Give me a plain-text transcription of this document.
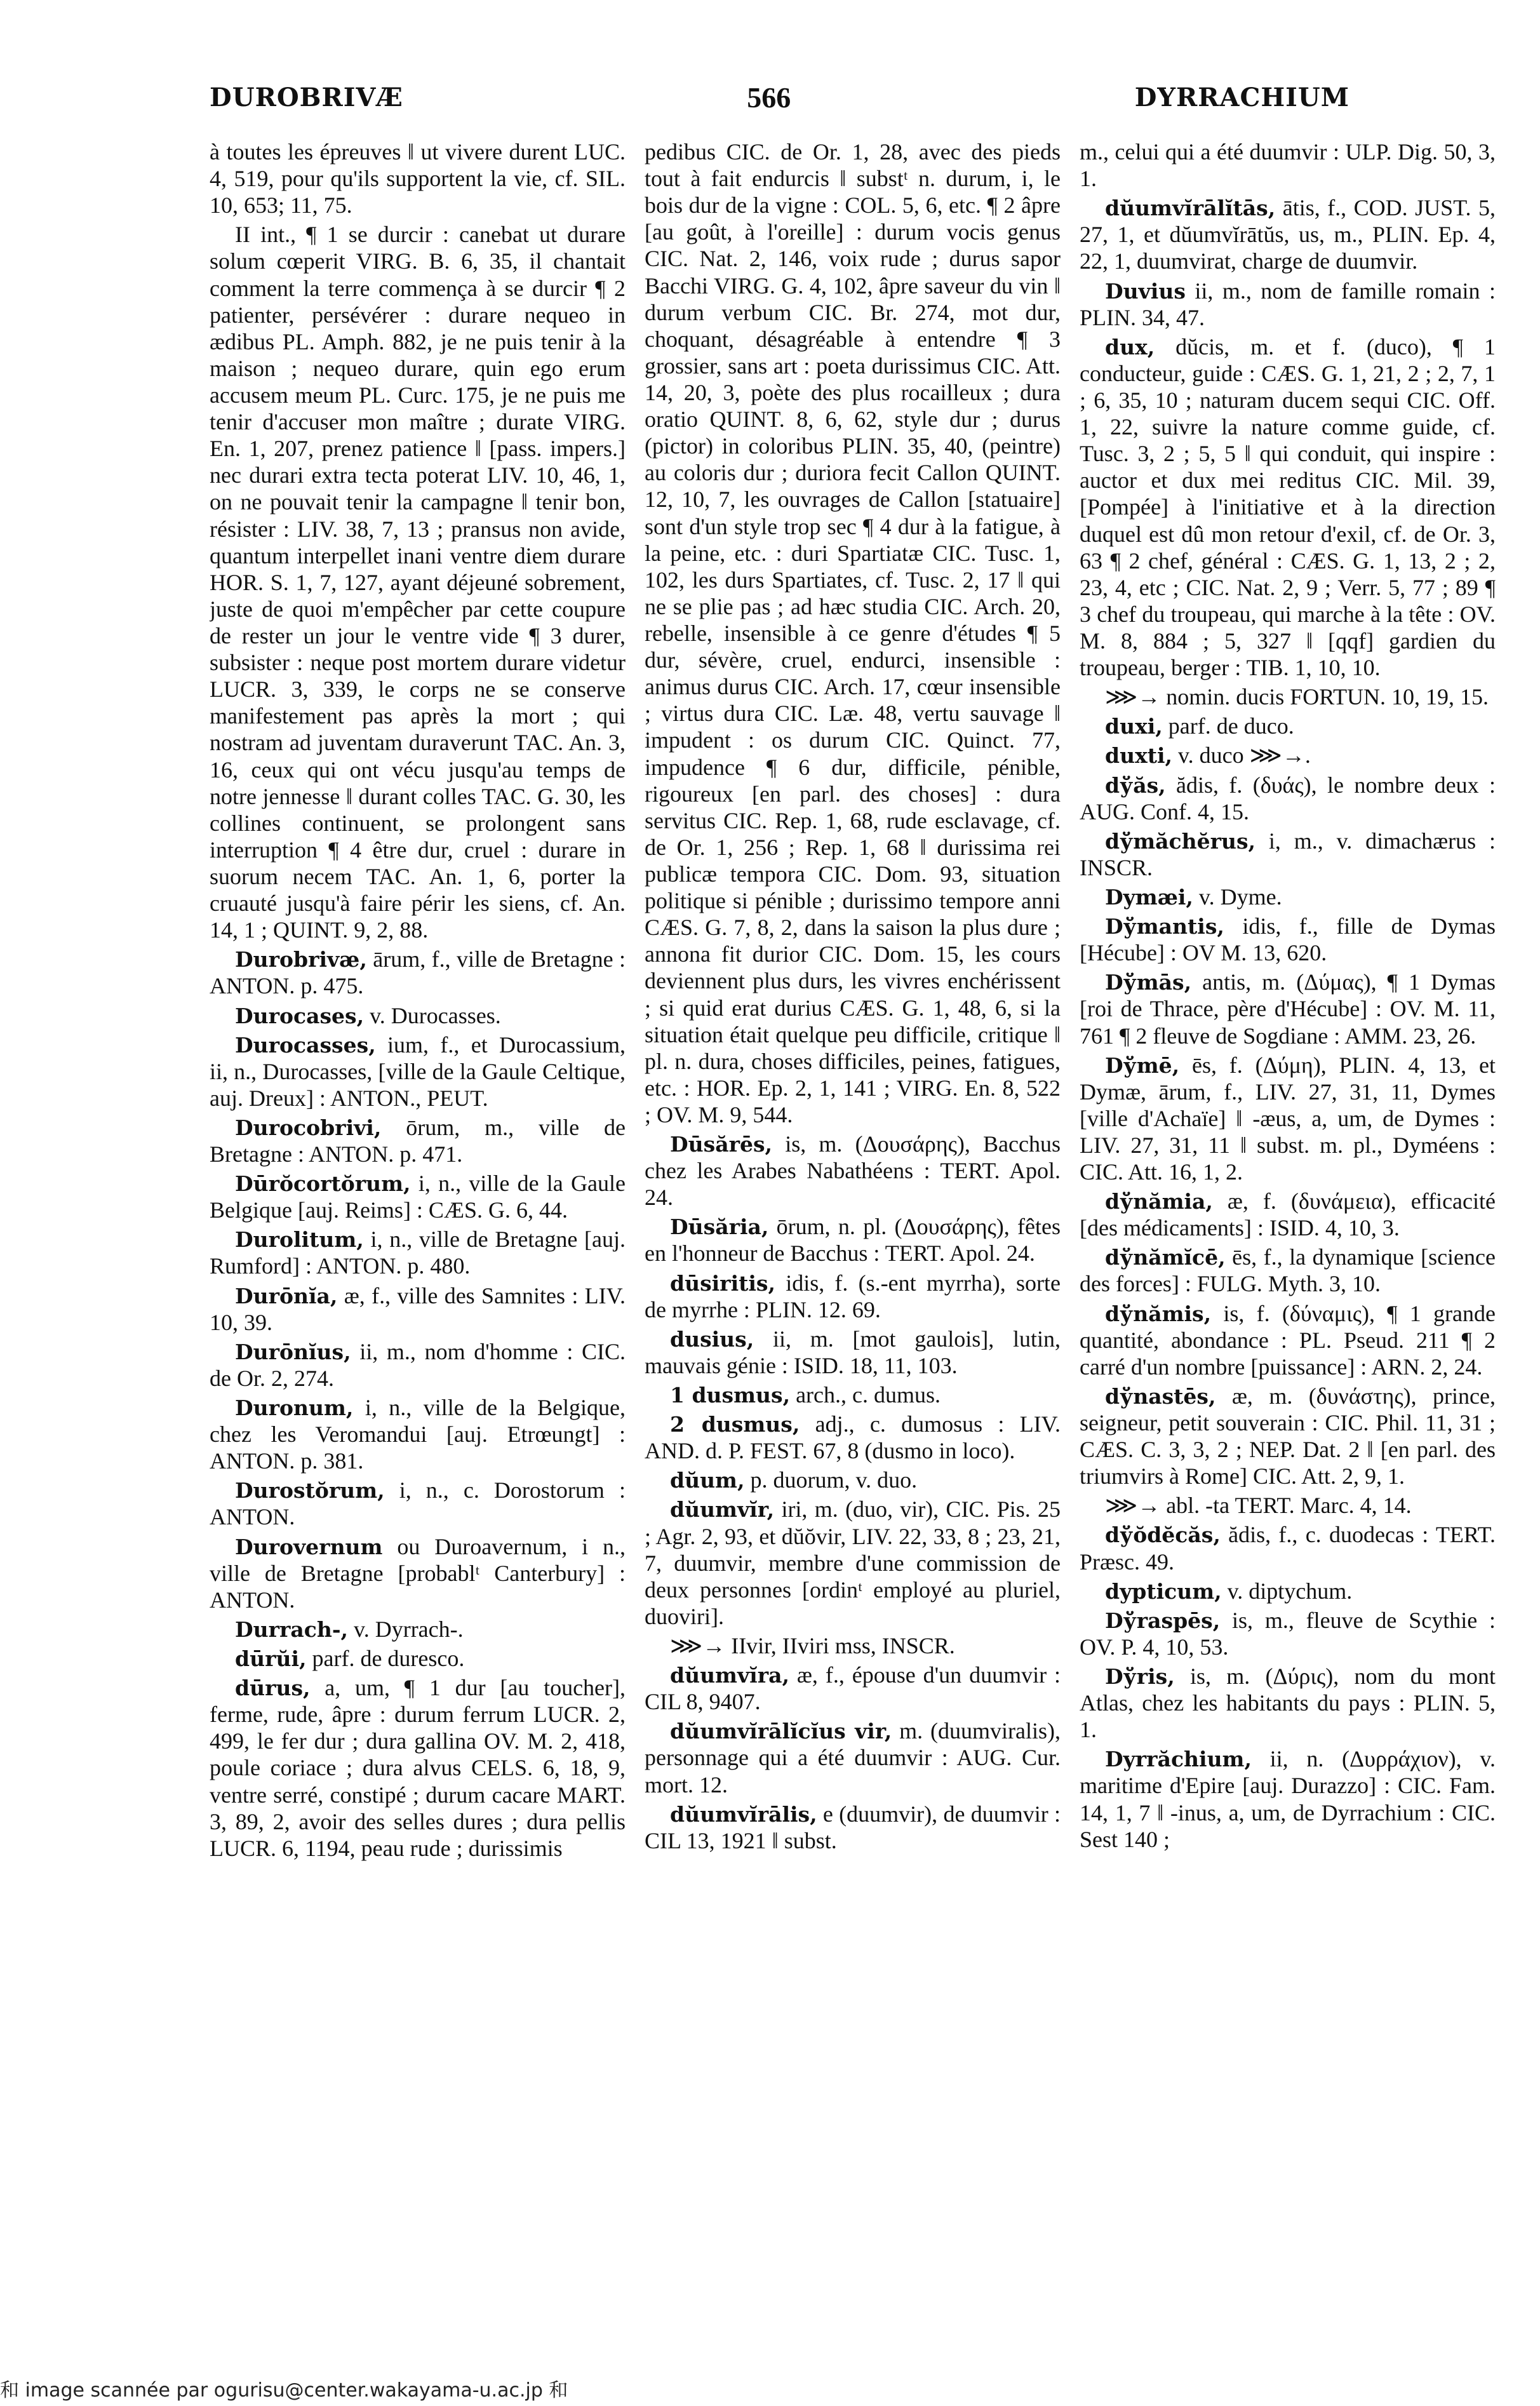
DUROBRIVÆ	566	DYRRACHIUM

à toutes les épreuves ‖ ut vivere durent LUC. 4, 519, pour qu'ils supportent la vie, cf. SIL. 10, 653; 11, 75.

II int., ¶ 1 se durcir : canebat ut durare solum cœperit VIRG. B. 6, 35, il chantait comment la terre commença à se durcir ¶ 2 patienter, persévérer : durare nequeo in ædibus PL. Amph. 882, je ne puis tenir à la maison ; nequeo durare, quin ego erum accusem meum PL. Curc. 175, je ne puis me tenir d'accuser mon maître ; durate VIRG. En. 1, 207, prenez patience ‖ [pass. impers.] nec durari extra tecta poterat LIV. 10, 46, 1, on ne pouvait tenir la campagne ‖ tenir bon, résister : LIV. 38, 7, 13 ; pransus non avide, quantum interpellet inani ventre diem durare HOR. S. 1, 7, 127, ayant déjeuné sobrement, juste de quoi m'empêcher par cette coupure de rester un jour le ventre vide ¶ 3 durer, subsister : neque post mortem durare videtur LUCR. 3, 339, le corps ne se conserve manifestement pas après la mort ; qui nostram ad juventam duraverunt TAC. An. 3, 16, ceux qui ont vécu jusqu'au temps de notre jennesse ‖ durant colles TAC. G. 30, les collines continuent, se prolongent sans interruption ¶ 4 être dur, cruel : durare in suorum necem TAC. An. 1, 6, porter la cruauté jusqu'à faire périr les siens, cf. An. 14, 1 ; QUINT. 9, 2, 88.

Durobrivæ, ārum, f., ville de Bretagne : ANTON. p. 475.

Durocases, v. Durocasses.

Durocasses, ium, f., et Durocassium, ii, n., Durocasses, [ville de la Gaule Celtique, auj. Dreux] : ANTON., PEUT.

Durocobrivi, ōrum, m., ville de Bretagne : ANTON. p. 471.

Dūrŏcortŏrum, i, n., ville de la Gaule Belgique [auj. Reims] : CÆS. G. 6, 44.

Durolitum, i, n., ville de Bretagne [auj. Rumford] : ANTON. p. 480.

Durōnĭa, æ, f., ville des Samnites : LIV. 10, 39.

Durōnĭus, ii, m., nom d'homme : CIC. de Or. 2, 274.

Duronum, i, n., ville de la Belgique, chez les Veromandui [auj. Etrœungt] : ANTON. p. 381.

Durostŏrum, i, n., c. Dorostorum : ANTON.

Durovernum ou Duroavernum, i n., ville de Bretagne [probablᵗ Canterbury] : ANTON.

Durrach-, v. Dyrrach-.

dūrŭi, parf. de duresco.

dūrus, a, um, ¶ 1 dur [au toucher], ferme, rude, âpre : durum ferrum LUCR. 2, 499, le fer dur ; dura gallina OV. M. 2, 418, poule coriace ; dura alvus CELS. 6, 18, 9, ventre serré, constipé ; durum cacare MART. 3, 89, 2, avoir des selles dures ; dura pellis LUCR. 6, 1194, peau rude ; durissimis

pedibus CIC. de Or. 1, 28, avec des pieds tout à fait endurcis ‖ substᵗ n. durum, i, le bois dur de la vigne : COL. 5, 6, etc. ¶ 2 âpre [au goût, à l'oreille] : durum vocis genus CIC. Nat. 2, 146, voix rude ; durus sapor Bacchi VIRG. G. 4, 102, âpre saveur du vin ‖ durum verbum CIC. Br. 274, mot dur, choquant, désagréable à entendre ¶ 3 grossier, sans art : poeta durissimus CIC. Att. 14, 20, 3, poète des plus rocailleux ; dura oratio QUINT. 8, 6, 62, style dur ; durus (pictor) in coloribus PLIN. 35, 40, (peintre) au coloris dur ; duriora fecit Callon QUINT. 12, 10, 7, les ouvrages de Callon [statuaire] sont d'un style trop sec ¶ 4 dur à la fatigue, à la peine, etc. : duri Spartiatæ CIC. Tusc. 1, 102, les durs Spartiates, cf. Tusc. 2, 17 ‖ qui ne se plie pas ; ad hæc studia CIC. Arch. 20, rebelle, insensible à ce genre d'études ¶ 5 dur, sévère, cruel, endurci, insensible : animus durus CIC. Arch. 17, cœur insensible ; virtus dura CIC. Læ. 48, vertu sauvage ‖ impudent : os durum CIC. Quinct. 77, impudence ¶ 6 dur, difficile, pénible, rigoureux [en parl. des choses] : dura servitus CIC. Rep. 1, 68, rude esclavage, cf. de Or. 1, 256 ; Rep. 1, 68 ‖ durissima rei publicæ tempora CIC. Dom. 93, situation politique si pénible ; durissimo tempore anni CÆS. G. 7, 8, 2, dans la saison la plus dure ; annona fit durior CIC. Dom. 15, les cours deviennent plus durs, les vivres enchérissent ; si quid erat durius CÆS. G. 1, 48, 6, si la situation était quelque peu difficile, critique ‖ pl. n. dura, choses difficiles, peines, fatigues, etc. : HOR. Ep. 2, 1, 141 ; VIRG. En. 8, 522 ; OV. M. 9, 544.

Dūsărēs, is, m. (Δουσάρης), Bacchus chez les Arabes Nabathéens : TERT. Apol. 24.

Dūsăria, ōrum, n. pl. (Δουσάρης), fêtes en l'honneur de Bacchus : TERT. Apol. 24.

dūsiritis, idis, f. (s.-ent myrrha), sorte de myrrhe : PLIN. 12. 69.

dusius, ii, m. [mot gaulois], lutin, mauvais génie : ISID. 18, 11, 103.

1 dusmus, arch., c. dumus.

2 dusmus, adj., c. dumosus : LIV. AND. d. P. FEST. 67, 8 (dusmo in loco).

dŭum, p. duorum, v. duo.

dŭumvĭr, iri, m. (duo, vir), CIC. Pis. 25 ; Agr. 2, 93, et dŭŏvir, LIV. 22, 33, 8 ; 23, 21, 7, duumvir, membre d'une commission de deux personnes [ordinᵗ employé au pluriel, duoviri].

⋙→ IIvir, IIviri mss, INSCR.

dŭumvĭra, æ, f., épouse d'un duumvir : CIL 8, 9407.

dŭumvĭrālĭcĭus vir, m. (duumviralis), personnage qui a été duumvir : AUG. Cur. mort. 12.

dŭumvĭrālis, e (duumvir), de duumvir : CIL 13, 1921 ‖ subst.

m., celui qui a été duumvir : ULP. Dig. 50, 3, 1.

dŭumvĭrālĭtās, ātis, f., COD. JUST. 5, 27, 1, et dŭumvĭrātŭs, us, m., PLIN. Ep. 4, 22, 1, duumvirat, charge de duumvir.

Duvius ii, m., nom de famille romain : PLIN. 34, 47.

dux, dŭcis, m. et f. (duco), ¶ 1 conducteur, guide : CÆS. G. 1, 21, 2 ; 2, 7, 1 ; 6, 35, 10 ; naturam ducem sequi CIC. Off. 1, 22, suivre la nature comme guide, cf. Tusc. 3, 2 ; 5, 5 ‖ qui conduit, qui inspire : auctor et dux mei reditus CIC. Mil. 39, [Pompée] à l'initiative et à la direction duquel est dû mon retour d'exil, cf. de Or. 3, 63 ¶ 2 chef, général : CÆS. G. 1, 13, 2 ; 2, 23, 4, etc ; CIC. Nat. 2, 9 ; Verr. 5, 77 ; 89 ¶ 3 chef du troupeau, qui marche à la tête : OV. M. 8, 884 ; 5, 327 ‖ [qqf] gardien du troupeau, berger : TIB. 1, 10, 10.

⋙→ nomin. ducis FORTUN. 10, 19, 15.

duxi, parf. de duco.

duxti, v. duco ⋙→.

dўăs, ădis, f. (δυάς), le nombre deux : AUG. Conf. 4, 15.

dўmăchĕrus, i, m., v. dimachærus : INSCR.

Dymæi, v. Dyme.

Dўmantis, idis, f., fille de Dymas [Hécube] : OV M. 13, 620.

Dўmās, antis, m. (Δύμας), ¶ 1 Dymas [roi de Thrace, père d'Hécube] : OV. M. 11, 761 ¶ 2 fleuve de Sogdiane : AMM. 23, 26.

Dўmē, ēs, f. (Δύμη), PLIN. 4, 13, et Dymæ, ārum, f., LIV. 27, 31, 11, Dymes [ville d'Achaïe] ‖ -æus, a, um, de Dymes : LIV. 27, 31, 11 ‖ subst. m. pl., Dyméens : CIC. Att. 16, 1, 2.

dўnămia, æ, f. (δυνάμεια), efficacité [des médicaments] : ISID. 4, 10, 3.

dўnămĭcē, ēs, f., la dynamique [science des forces] : FULG. Myth. 3, 10.

dўnămis, is, f. (δύναμις), ¶ 1 grande quantité, abondance : PL. Pseud. 211 ¶ 2 carré d'un nombre [puissance] : ARN. 2, 24.

dўnastēs, æ, m. (δυνάστης), prince, seigneur, petit souverain : CIC. Phil. 11, 31 ; CÆS. C. 3, 3, 2 ; NEP. Dat. 2 ‖ [en parl. des triumvirs à Rome] CIC. Att. 2, 9, 1.

⋙→ abl. -ta TERT. Marc. 4, 14.

dўŏdĕcăs, ădis, f., c. duodecas : TERT. Præsc. 49.

dypticum, v. diptychum.

Dўraspēs, is, m., fleuve de Scythie : OV. P. 4, 10, 53.

Dўris, is, m. (Δύρις), nom du mont Atlas, chez les habitants du pays : PLIN. 5, 1.

Dyrrăchium, ii, n. (Δυρράχιον), v. maritime d'Epire [auj. Durazzo] : CIC. Fam. 14, 1, 7 ‖ -inus, a, um, de Dyrrachium : CIC. Sest 140 ;

和 image scannée par ogurisu@center.wakayama-u.ac.jp 和
